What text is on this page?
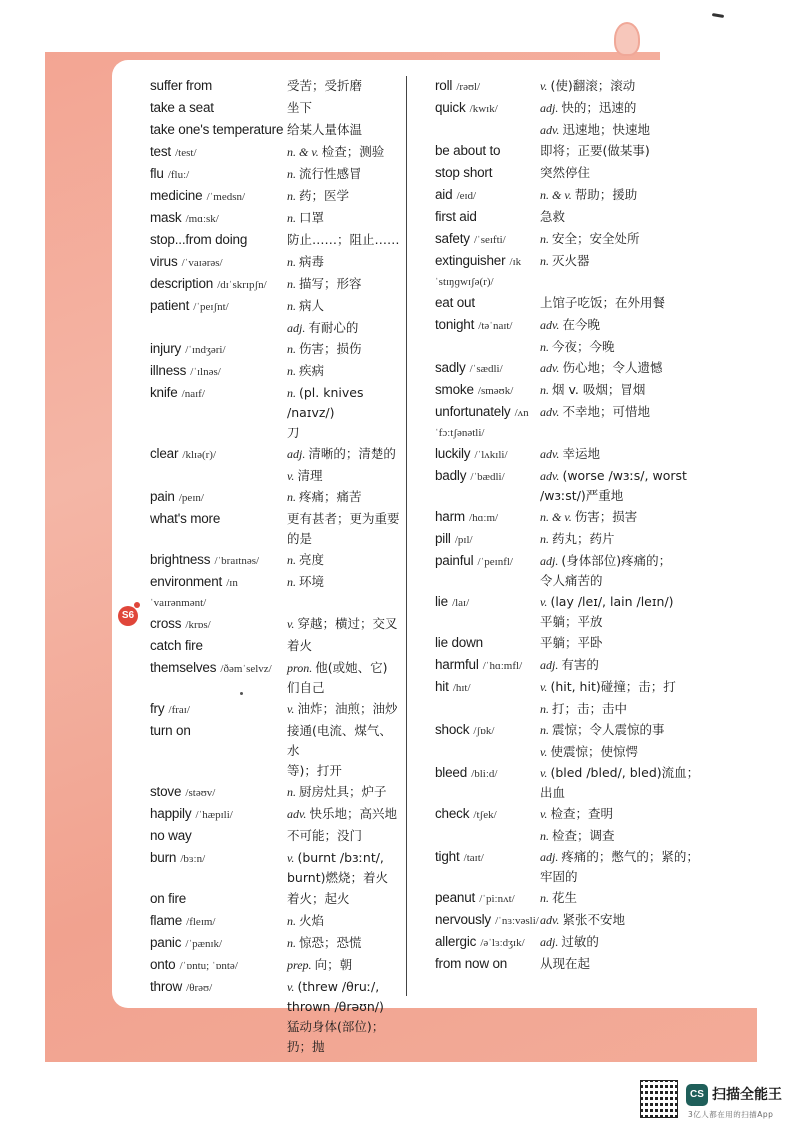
S6
suffer from	受苦；受折磨
take a seat	坐下
take one's temperature 给某人量体温
test /test/	n. & v. 检查；测验
flu /fluː/	n. 流行性感冒
medicine /ˈmedsn/	n. 药；医学
mask /mɑːsk/	n. 口罩
stop...from doing	防止……；阻止……
virus /ˈvaɪərəs/	n. 病毒
description /dɪˈskrɪpʃn/	n. 描写；形容
patient /ˈpeɪʃnt/	n. 病人
adj. 有耐心的
injury /ˈɪndʒəri/	n. 伤害；损伤
illness /ˈɪlnəs/	n. 疾病
knife /naɪf/	n. (pl. knives /naɪvz/)
刀
clear /klɪə(r)/	adj. 清晰的；清楚的
v. 清理
pain /peɪn/	n. 疼痛；痛苦
what's more	更有甚者；更为重要
的是
brightness /ˈbraɪtnəs/	n. 亮度
environment /ɪnˈvaɪrənmənt/
n. 环境
cross /krɒs/	v. 穿越；横过；交叉
catch fire	着火
themselves /ðəmˈselvz/	pron. 他(或她、它)
们自己
fry /fraɪ/	v. 油炸；油煎；油炒
turn on	接通(电流、煤气、水
等)；打开
stove /stəʊv/	n. 厨房灶具；炉子
happily /ˈhæpɪli/	adv. 快乐地；高兴地
no way	不可能；没门
burn /bɜːn/	v. (burnt /bɜːnt/,
burnt)燃烧；着火
on fire	着火；起火
flame /fleɪm/	n. 火焰
panic /ˈpænɪk/	n. 惊恐；恐慌
onto /ˈɒntu; ˈɒntə/	prep. 向；朝
throw /θrəʊ/	v. (threw /θruː/,
thrown /θrəʊn/)
猛动身体(部位)；
扔；抛
roll /rəʊl/	v. (使)翻滚；滚动
quick /kwɪk/	adj. 快的；迅速的
adv. 迅速地；快速地
be about to	即将；正要(做某事)
stop short	突然停住
aid /eɪd/	n. & v. 帮助；援助
first aid	急救
safety /ˈseɪfti/	n. 安全；安全处所
extinguisher /ɪkˈstɪŋɡwɪʃə(r)/
n. 灭火器
eat out	上馆子吃饭；在外用餐
tonight /təˈnaɪt/	adv. 在今晚
n. 今夜；今晚
sadly /ˈsædli/	adv. 伤心地；令人遗憾
smoke /sməʊk/	n. 烟 v. 吸烟；冒烟
unfortunately /ʌnˈfɔːtʃənətli/
adv. 不幸地；可惜地
luckily /ˈlʌkɪli/	adv. 幸运地
badly /ˈbædli/	adv. (worse /wɜːs/, worst
/wɜːst/)严重地
harm /hɑːm/	n. & v. 伤害；损害
pill /pɪl/	n. 药丸；药片
painful /ˈpeɪnfl/	adj. (身体部位)疼痛的；
令人痛苦的
lie /laɪ/	v. (lay /leɪ/, lain /leɪn/)
平躺；平放
lie down	平躺；平卧
harmful /ˈhɑːmfl/	adj. 有害的
hit /hɪt/	v. (hit, hit)碰撞；击；打
n. 打；击；击中
shock /ʃɒk/	n. 震惊；令人震惊的事
v. 使震惊；使惊愕
bleed /bliːd/	v. (bled /bled/, bled)流血；
出血
check /tʃek/	v. 检查；查明
n. 检查；调查
tight /taɪt/	adj. 疼痛的；憋气的；紧的；
牢固的
peanut /ˈpiːnʌt/	n. 花生
nervously /ˈnɜːvəsli/ adv. 紧张不安地
allergic /əˈlɜːdʒɪk/	adj. 过敏的
from now on	从现在起
CS 扫描全能王
3亿人都在用的扫描App
